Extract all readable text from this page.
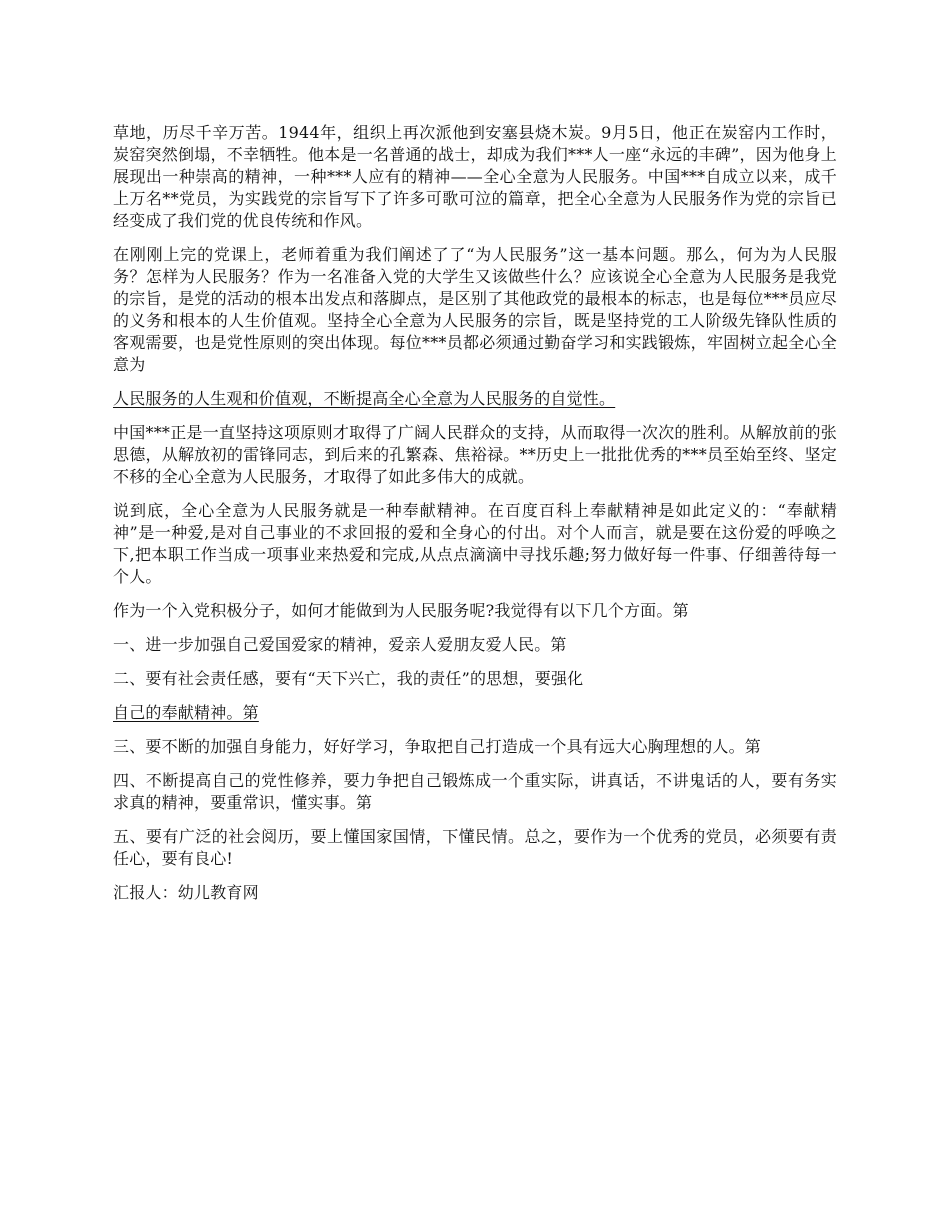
草地，历尽千辛万苦。1944年，组织上再次派他到安塞县烧木炭。9月5日，他正在炭窑内工作时，炭窑突然倒塌，不幸牺牲。他本是一名普通的战士，却成为我们***人一座“永远的丰碑”，因为他身上展现出一种崇高的精神，一种***人应有的精神——全心全意为人民服务。中国***自成立以来，成千上万名**党员，为实践党的宗旨写下了许多可歌可泣的篇章，把全心全意为人民服务作为党的宗旨已经变成了我们党的优良传统和作风。

在刚刚上完的党课上，老师着重为我们阐述了了“为人民服务”这一基本问题。那么，何为为人民服务？怎样为人民服务？作为一名准备入党的大学生又该做些什么？应该说全心全意为人民服务是我党的宗旨，是党的活动的根本出发点和落脚点，是区别了其他政党的最根本的标志，也是每位***员应尽的义务和根本的人生价值观。坚持全心全意为人民服务的宗旨，既是坚持党的工人阶级先锋队性质的客观需要，也是党性原则的突出体现。每位***员都必须通过勤奋学习和实践锻炼，牢固树立起全心全意为

人民服务的人生观和价值观，不断提高全心全意为人民服务的自觉性。

中国***正是一直坚持这项原则才取得了广阔人民群众的支持，从而取得一次次的胜利。从解放前的张思德，从解放初的雷锋同志，到后来的孔繁森、焦裕禄。**历史上一批批优秀的***员至始至终、坚定不移的全心全意为人民服务，才取得了如此多伟大的成就。

说到底，全心全意为人民服务就是一种奉献精神。在百度百科上奉献精神是如此定义的：“奉献精神”是一种爱,是对自己事业的不求回报的爱和全身心的付出。对个人而言，就是要在这份爱的呼唤之下,把本职工作当成一项事业来热爱和完成,从点点滴滴中寻找乐趣;努力做好每一件事、仔细善待每一个人。

作为一个入党积极分子，如何才能做到为人民服务呢?我觉得有以下几个方面。第

一、进一步加强自己爱国爱家的精神，爱亲人爱朋友爱人民。第

二、要有社会责任感，要有“天下兴亡，我的责任”的思想，要强化

自己的奉献精神。第

三、要不断的加强自身能力，好好学习，争取把自己打造成一个具有远大心胸理想的人。第

四、不断提高自己的党性修养，要力争把自己锻炼成一个重实际，讲真话，不讲鬼话的人，要有务实求真的精神，要重常识，懂实事。第

五、要有广泛的社会阅历，要上懂国家国情，下懂民情。总之，要作为一个优秀的党员，必须要有责任心，要有良心!

汇报人：幼儿教育网
